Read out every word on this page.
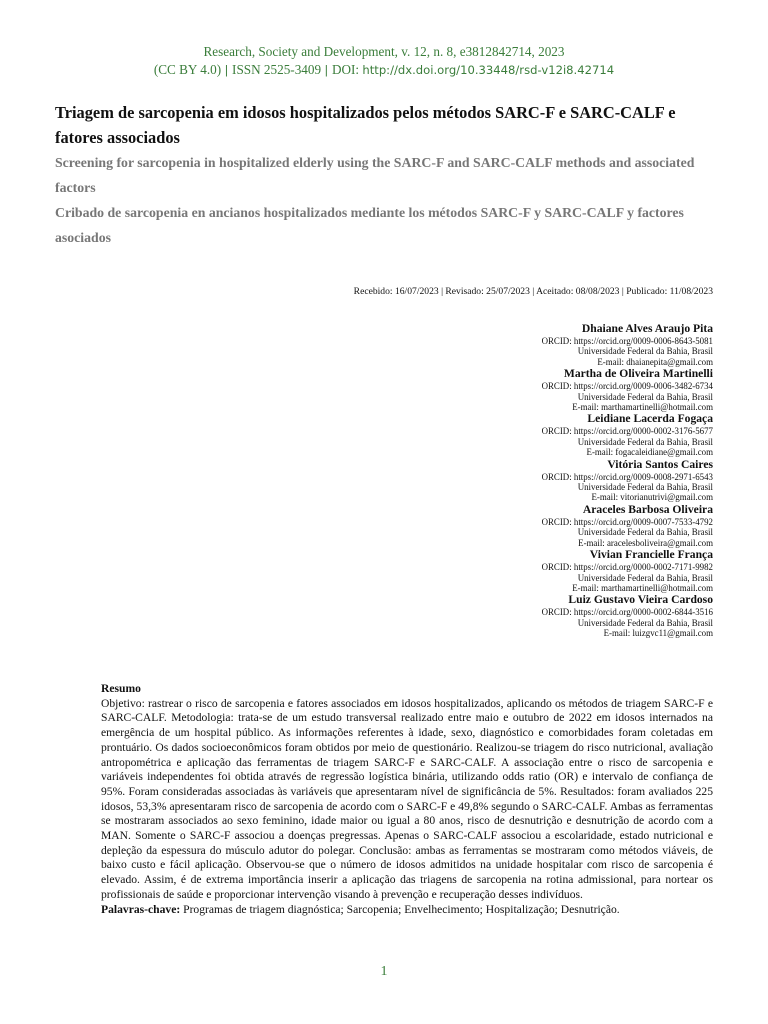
Research, Society and Development, v. 12, n. 8, e3812842714, 2023
(CC BY 4.0) | ISSN 2525-3409 | DOI: http://dx.doi.org/10.33448/rsd-v12i8.42714

Triagem de sarcopenia em idosos hospitalizados pelos métodos SARC-F e SARC-CALF e fatores associados

Screening for sarcopenia in hospitalized elderly using the SARC-F and SARC-CALF methods and associated factors

Cribado de sarcopenia en ancianos hospitalizados mediante los métodos SARC-F y SARC-CALF y factores asociados

Recebido: 16/07/2023 | Revisado: 25/07/2023 | Aceitado: 08/08/2023 | Publicado: 11/08/2023
Dhaiane Alves Araujo Pita
ORCID: https://orcid.org/0009-0006-8643-5081
Universidade Federal da Bahia, Brasil
E-mail: dhaianepita@gmail.com
Martha de Oliveira Martinelli
ORCID: https://orcid.org/0009-0006-3482-6734
Universidade Federal da Bahia, Brasil
E-mail: marthamartinelli@hotmail.com
Leidiane Lacerda Fogaça
ORCID: https://orcid.org/0000-0002-3176-5677
Universidade Federal da Bahia, Brasil
E-mail: fogacaleidiane@gmail.com
Vitória Santos Caires
ORCID: https://orcid.org/0009-0008-2971-6543
Universidade Federal da Bahia, Brasil
E-mail: vitorianutrivi@gmail.com
Araceles Barbosa Oliveira
ORCID: https://orcid.org/0009-0007-7533-4792
Universidade Federal da Bahia, Brasil
E-mail: aracelesboliveira@gmail.com
Vivian Francielle França
ORCID: https://orcid.org/0000-0002-7171-9982
Universidade Federal da Bahia, Brasil
E-mail: marthamartinelli@hotmail.com
Luiz Gustavo Vieira Cardoso
ORCID: https://orcid.org/0000-0002-6844-3516
Universidade Federal da Bahia, Brasil
E-mail: luizgvc11@gmail.com
Resumo
Objetivo: rastrear o risco de sarcopenia e fatores associados em idosos hospitalizados, aplicando os métodos de triagem SARC-F e SARC-CALF. Metodologia: trata-se de um estudo transversal realizado entre maio e outubro de 2022 em idosos internados na emergência de um hospital público. As informações referentes à idade, sexo, diagnóstico e comorbidades foram coletadas em prontuário. Os dados socioeconômicos foram obtidos por meio de questionário. Realizou-se triagem do risco nutricional, avaliação antropométrica e aplicação das ferramentas de triagem SARC-F e SARC-CALF. A associação entre o risco de sarcopenia e variáveis independentes foi obtida através de regressão logística binária, utilizando odds ratio (OR) e intervalo de confiança de 95%. Foram consideradas associadas às variáveis que apresentaram nível de significância de 5%. Resultados: foram avaliados 225 idosos, 53,3% apresentaram risco de sarcopenia de acordo com o SARC-F e 49,8% segundo o SARC-CALF. Ambas as ferramentas se mostraram associados ao sexo feminino, idade maior ou igual a 80 anos, risco de desnutrição e desnutrição de acordo com a MAN. Somente o SARC-F associou a doenças pregressas. Apenas o SARC-CALF associou a escolaridade, estado nutricional e depleção da espessura do músculo adutor do polegar. Conclusão: ambas as ferramentas se mostraram como métodos viáveis, de baixo custo e fácil aplicação. Observou-se que o número de idosos admitidos na unidade hospitalar com risco de sarcopenia é elevado. Assim, é de extrema importância inserir a aplicação das triagens de sarcopenia na rotina admissional, para nortear os profissionais de saúde e proporcionar intervenção visando à prevenção e recuperação desses indivíduos.
Palavras-chave: Programas de triagem diagnóstica; Sarcopenia; Envelhecimento; Hospitalização; Desnutrição.
1
